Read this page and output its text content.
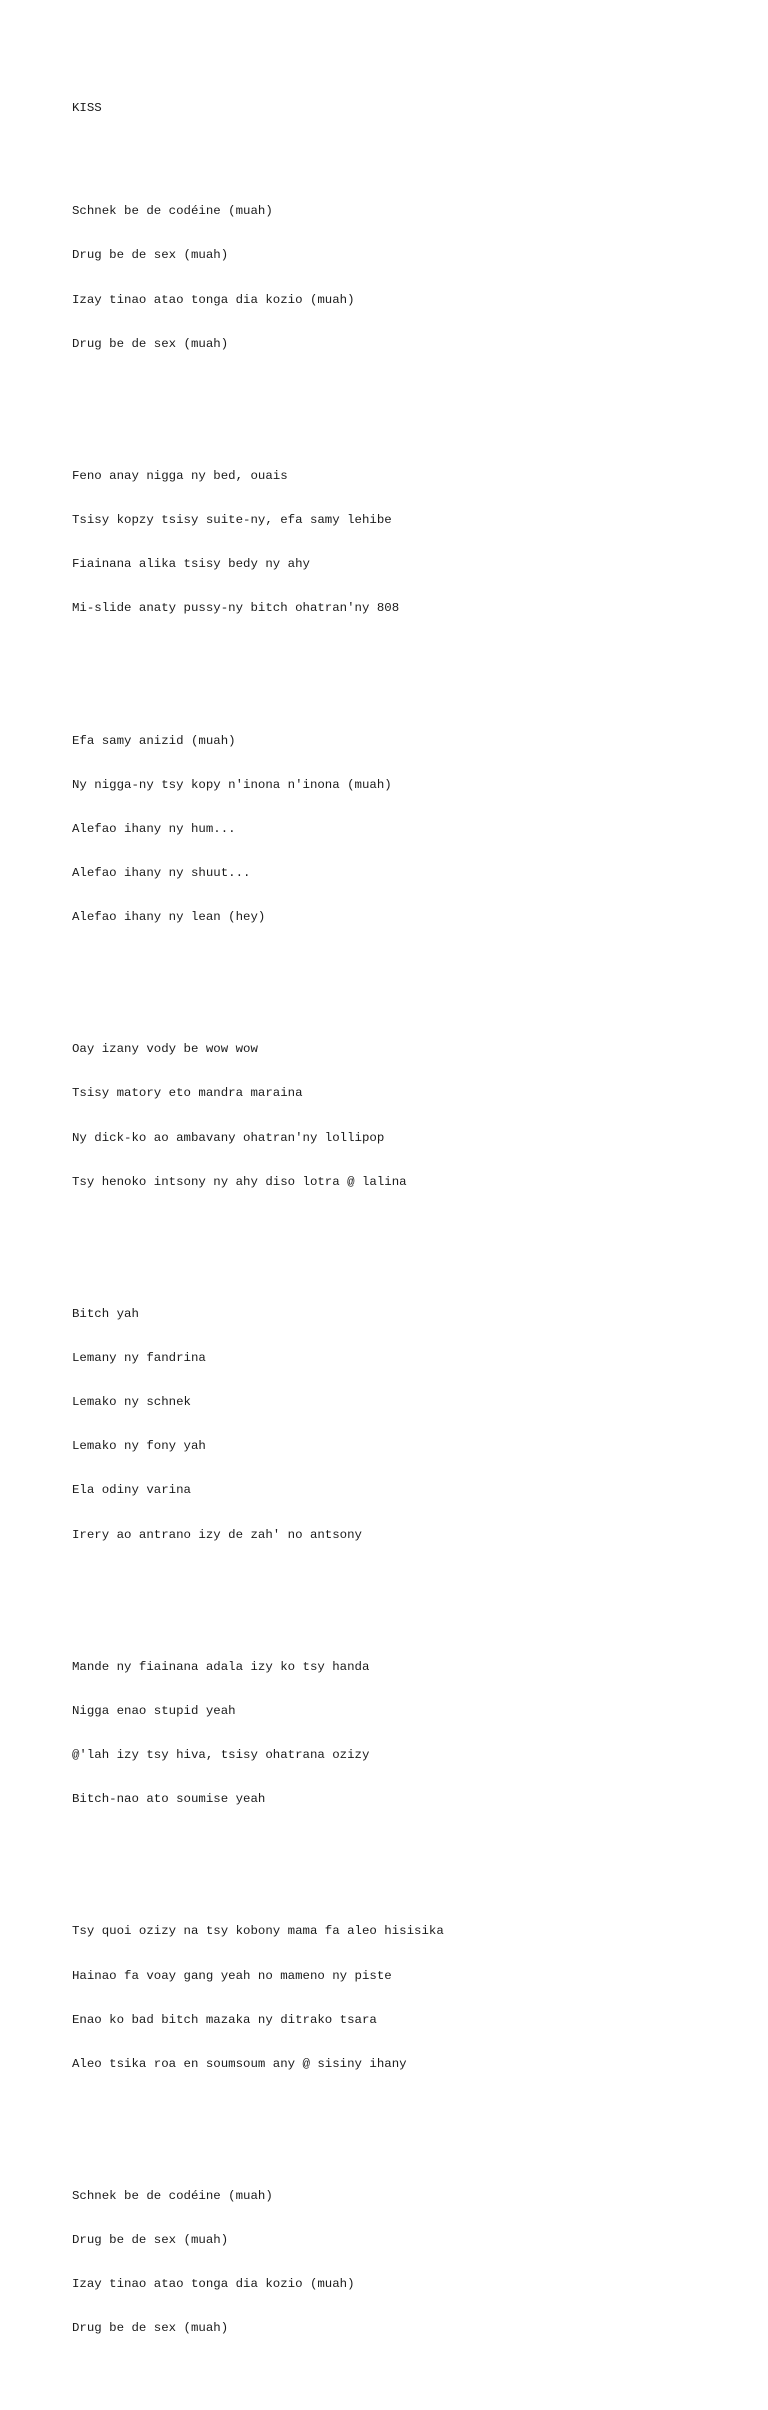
KISS

Schnek be de codéine (muah)

Drug be de sex (muah)

Izay tinao atao tonga dia kozio (muah)

Drug be de sex (muah)

Feno anay nigga ny bed, ouais

Tsisy kopzy tsisy suite-ny, efa samy lehibe

Fiainana alika tsisy bedy ny ahy

Mi-slide anaty pussy-ny bitch ohatran'ny 808

Efa samy anizid (muah)

Ny nigga-ny tsy kopy n'inona n'inona (muah)

Alefao ihany ny hum...

Alefao ihany ny shuut...

Alefao ihany ny lean (hey)

Oay izany vody be wow wow

Tsisy matory eto mandra maraina

Ny dick-ko ao ambavany ohatran'ny lollipop

Tsy henoko intsony ny ahy diso lotra @ lalina

Bitch yah

Lemany ny fandrina

Lemako ny schnek

Lemako ny fony yah

Ela odiny varina

Irery ao antrano izy de zah' no antsony

Mande ny fiainana adala izy ko tsy handa

Nigga enao stupid yeah

@'lah izy tsy hiva, tsisy ohatrana ozizy

Bitch-nao ato soumise yeah

Tsy quoi ozizy na tsy kobony mama fa aleo hisisika

Hainao fa voay gang yeah no mameno ny piste

Enao ko bad bitch mazaka ny ditrako tsara

Aleo tsika roa en soumsoum any @ sisiny ihany

Schnek be de codéine (muah)

Drug be de sex (muah)

Izay tinao atao tonga dia kozio (muah)

Drug be de sex (muah)
